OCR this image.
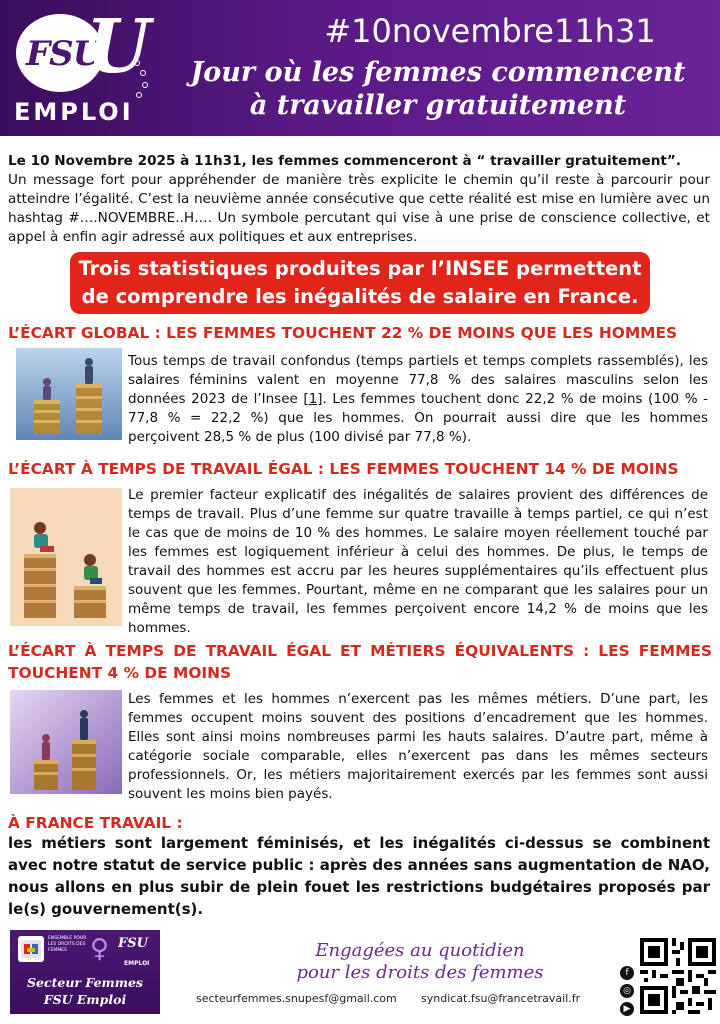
FSU
U
EMPLOI
#10novembre11h31
Jour où les femmes commencent
à travailler gratuitement
Le 10 Novembre 2025 à 11h31, les femmes commenceront à “ travailler gratuitement”.
Un message fort pour appréhender de manière très explicite le chemin qu’il reste à parcourir pour atteindre l’égalité. C’est la neuvième année consécutive que cette réalité est mise en lumière avec un hashtag #….NOVEMBRE..H…. Un symbole percutant qui vise à une prise de conscience collective, et appel à enfin agir adressé aux politiques et aux entreprises.
Trois statistiques produites par l’INSEE permettent
de comprendre les inégalités de salaire en France.
L’ÉCART GLOBAL : LES FEMMES TOUCHENT 22 % DE MOINS QUE LES HOMMES
Tous temps de travail confondus (temps partiels et temps complets rassemblés), les salaires féminins valent en moyenne 77,8 % des salaires masculins selon les données 2023 de l’Insee [1]. Les femmes touchent donc 22,2 % de moins (100 % - 77,8 % = 22,2 %) que les hommes. On pourrait aussi dire que les hommes perçoivent 28,5 % de plus (100 divisé par 77,8 %).
L’ÉCART À TEMPS DE TRAVAIL ÉGAL : LES FEMMES TOUCHENT 14 % DE MOINS
Le premier facteur explicatif des inégalités de salaires provient des différences de temps de travail. Plus d’une femme sur quatre travaille à temps partiel, ce qui n’est le cas que de moins de 10 % des hommes. Le salaire moyen réellement touché par les femmes est logiquement inférieur à celui des hommes. De plus, le temps de travail des hommes est accru par les heures supplémentaires qu’ils effectuent plus souvent que les femmes. Pourtant, même en ne comparant que les salaires pour un même temps de travail, les femmes perçoivent encore 14,2 % de moins que les hommes.
L’ÉCART À TEMPS DE TRAVAIL ÉGAL ET MÉTIERS ÉQUIVALENTS : LES FEMMES TOUCHENT 4 % DE MOINS
Les femmes et les hommes n’exercent pas les mêmes métiers. D’une part, les femmes occupent moins souvent des positions d’encadrement que les hommes. Elles sont ainsi moins nombreuses parmi les hauts salaires. D’autre part, même à catégorie sociale comparable, elles n’exercent pas dans les mêmes secteurs professionnels. Or, les métiers majoritairement exercés par les femmes sont aussi souvent les moins bien payés.
À FRANCE TRAVAIL :
les métiers sont largement féminisés, et les inégalités ci-dessus se combinent avec notre statut de service public : après des années sans augmentation de NAO, nous allons en plus subir de plein fouet les restrictions budgétaires proposés par le(s) gouvernement(s).
ENSEMBLE POUR LES DROITS DES FEMMES ♀ FSU
EMPLOI
Secteur Femmes
FSU Emploi
Engagées au quotidien
pour les droits des femmes
secteurfemmes.snupesf@gmail.com syndicat.fsu@francetravail.fr
f
◎
▶
